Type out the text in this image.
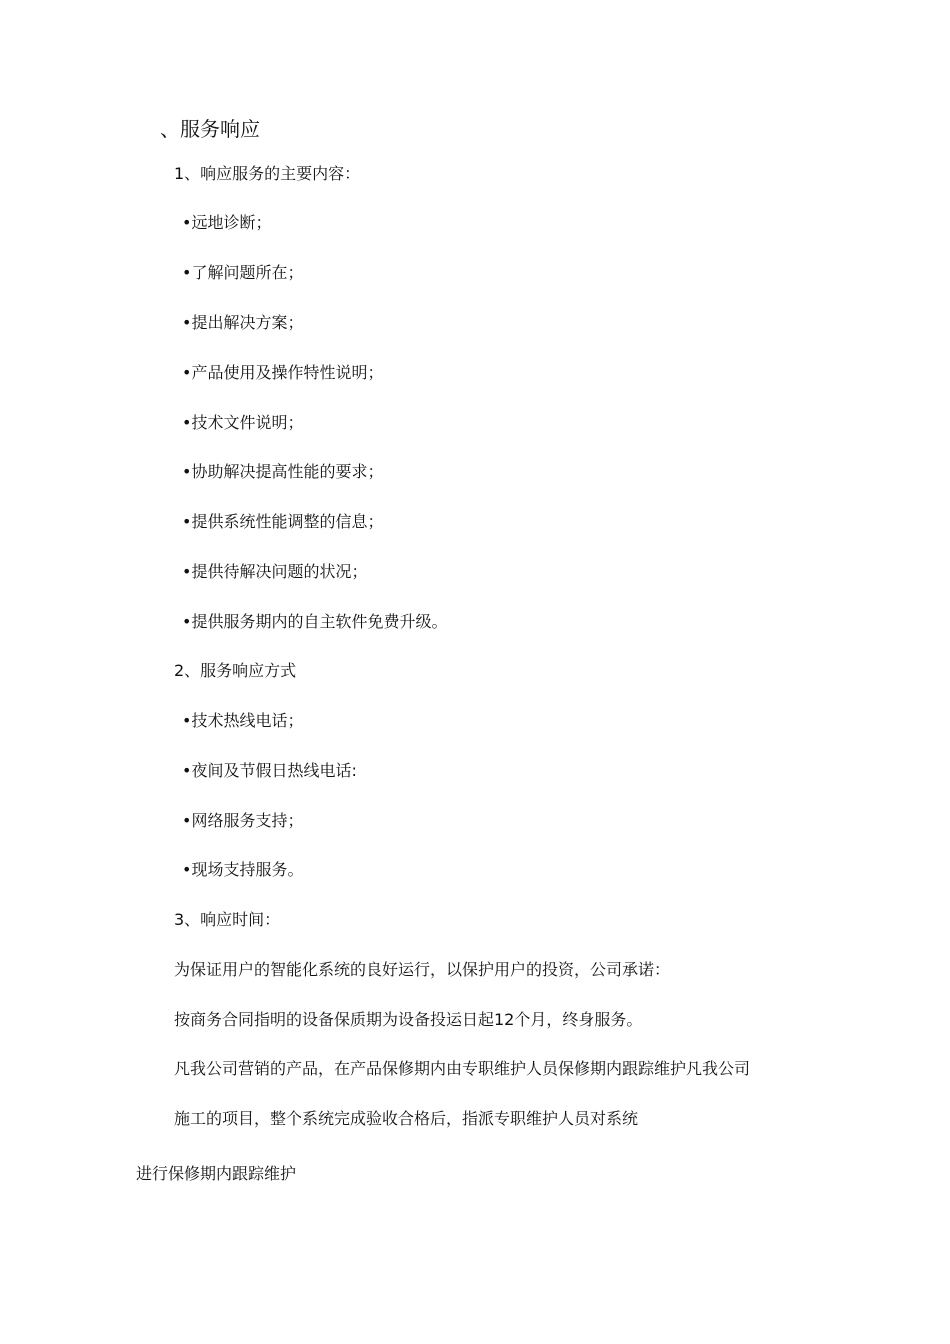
、服务响应
1、响应服务的主要内容：
•远地诊断；
•了解问题所在；
•提出解决方案；
•产品使用及操作特性说明；
•技术文件说明；
•协助解决提高性能的要求；
•提供系统性能调整的信息；
•提供待解决问题的状况；
•提供服务期内的自主软件免费升级。
2、服务响应方式
•技术热线电话；
•夜间及节假日热线电话:
•网络服务支持；
•现场支持服务。
3、响应时间：
为保证用户的智能化系统的良好运行，以保护用户的投资，公司承诺：
按商务合同指明的设备保质期为设备投运日起12个月，终身服务。
凡我公司营销的产品，在产品保修期内由专职维护人员保修期内跟踪维护凡我公司
施工的项目，整个系统完成验收合格后，指派专职维护人员对系统
进行保修期内跟踪维护
